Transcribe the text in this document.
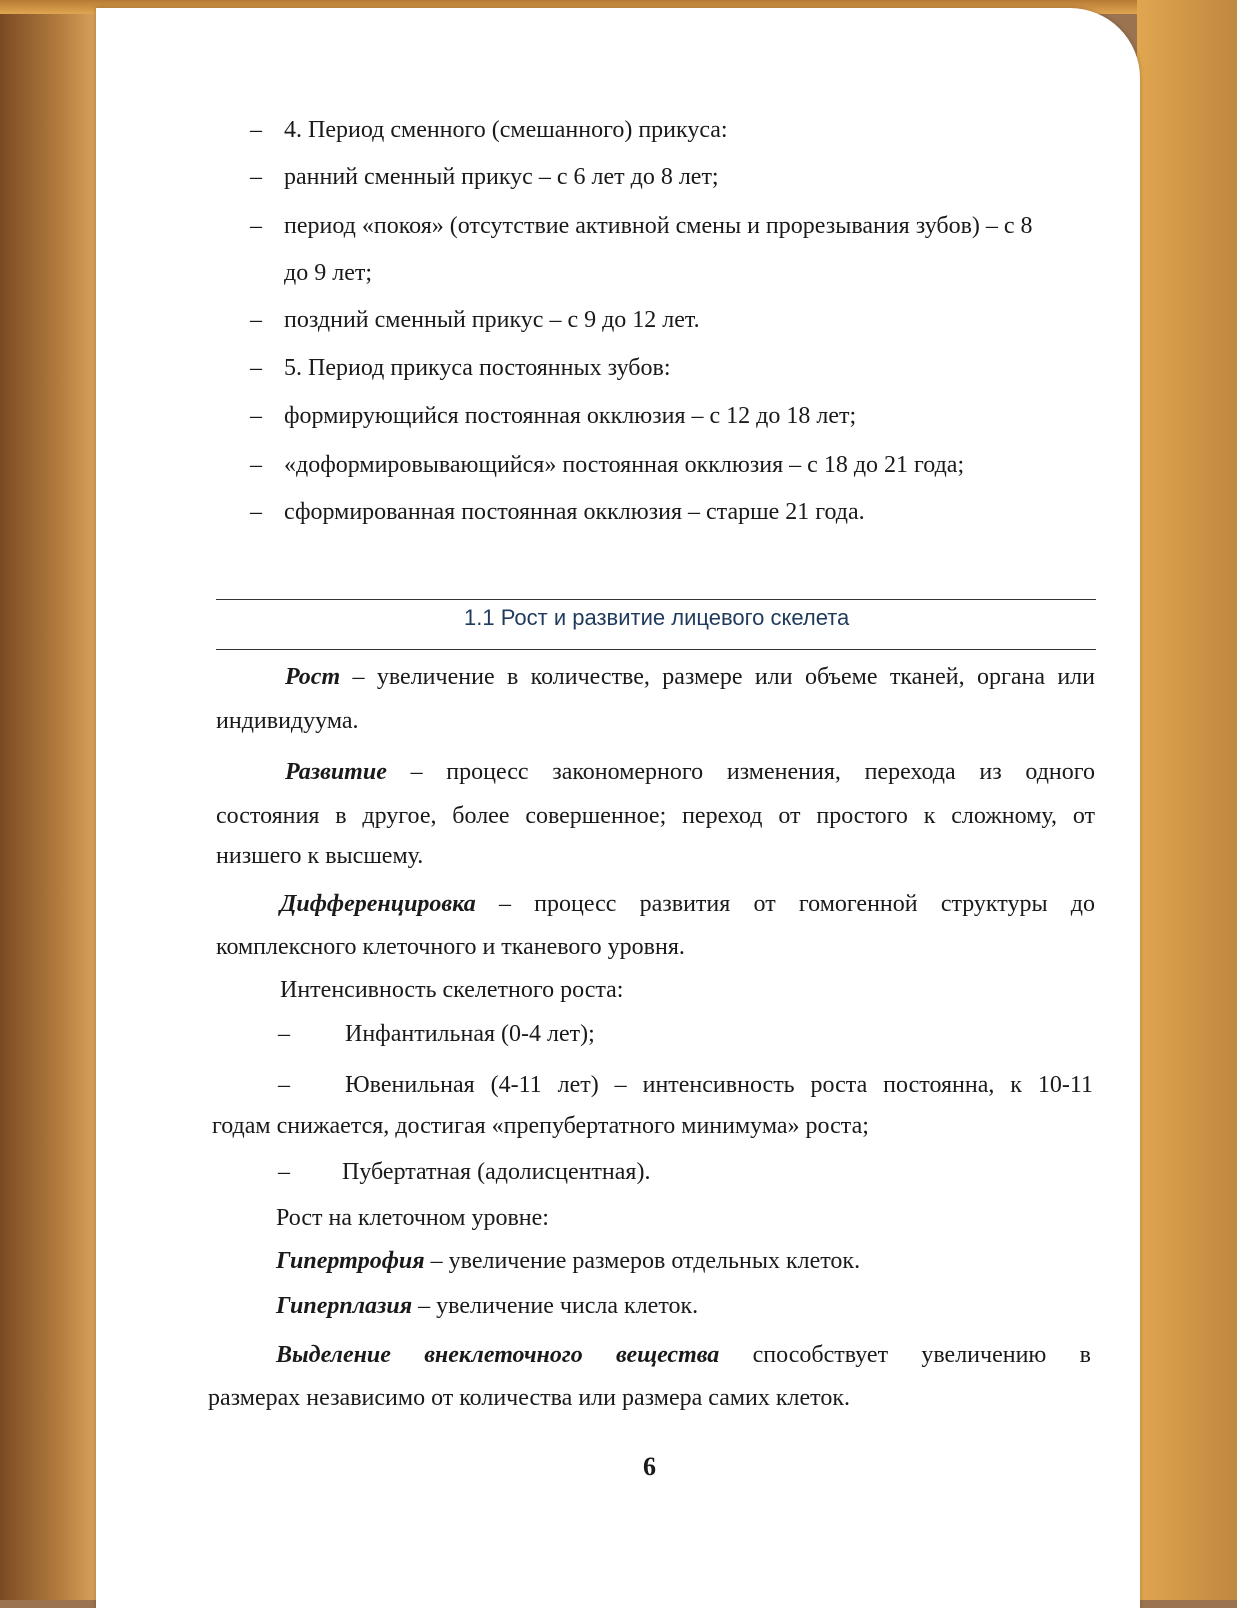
– 4. Период сменного (смешанного) прикуса:
– ранний сменный прикус – с 6 лет до 8 лет;
– период «покоя» (отсутствие активной смены и прорезывания зубов) – с 8
до 9 лет;
– поздний сменный прикус – с 9 до 12 лет.
– 5. Период прикуса постоянных зубов:
– формирующийся постоянная окклюзия – с 12 до 18 лет;
– «доформировывающийся» постоянная окклюзия – с 18 до 21 года;
– сформированная постоянная окклюзия – старше 21 года.
1.1 Рост и развитие лицевого скелета
Рост – увеличение в количестве, размере или объеме тканей, органа или
индивидуума.
Развитие – процесс закономерного изменения, перехода из одного
состояния в другое, более совершенное; переход от простого к сложному, от
низшего к высшему.
Дифференцировка – процесс развития от гомогенной структуры до
комплексного клеточного и тканевого уровня.
Интенсивность скелетного роста:
– Инфантильная (0-4 лет);
– Ювенильная (4-11 лет) – интенсивность роста постоянна, к 10-11
годам снижается, достигая «препубертатного минимума» роста;
– Пубертатная (адолисцентная).
Рост на клеточном уровне:
Гипертрофия – увеличение размеров отдельных клеток.
Гиперплазия – увеличение числа клеток.
Выделение внеклеточного вещества способствует увеличению в
размерах независимо от количества или размера самих клеток.
6
